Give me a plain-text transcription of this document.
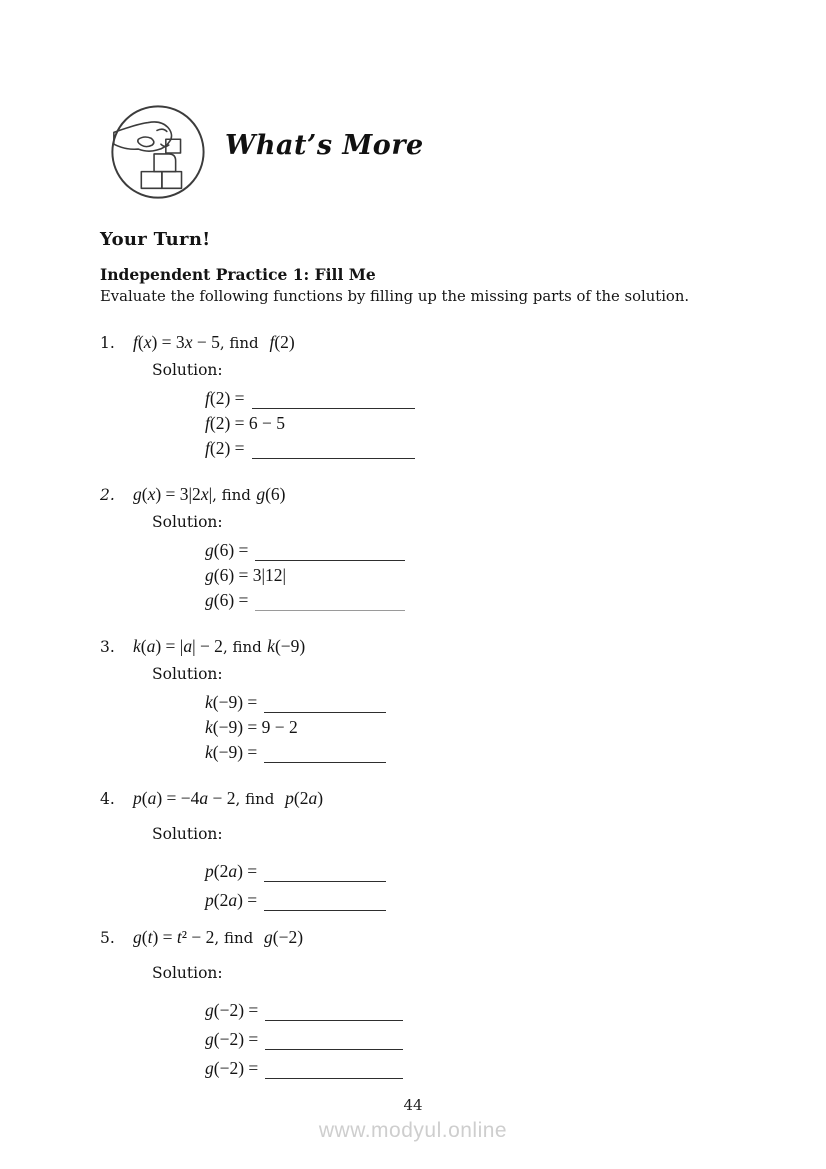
What’s More
Your Turn!
Independent Practice 1: Fill Me
Evaluate the following functions by filling up the missing parts of the solution.
1. f(x) = 3x − 5, find f(2)
Solution:
f(2) =
f(2) = 6 − 5
f(2) =
2. g(x) = 3|2x|, find g(6)
Solution:
g(6) =
g(6) = 3|12|
g(6) =
3. k(a) = |a| − 2, find k(−9)
Solution:
k(−9) =
k(−9) = 9 − 2
k(−9) =
4. p(a) = −4a − 2, find p(2a)
Solution:
p(2a) =
p(2a) =
5. g(t) = t² − 2, find g(−2)
Solution:
g(−2) =
g(−2) =
g(−2) =
44
www.modyul.online
